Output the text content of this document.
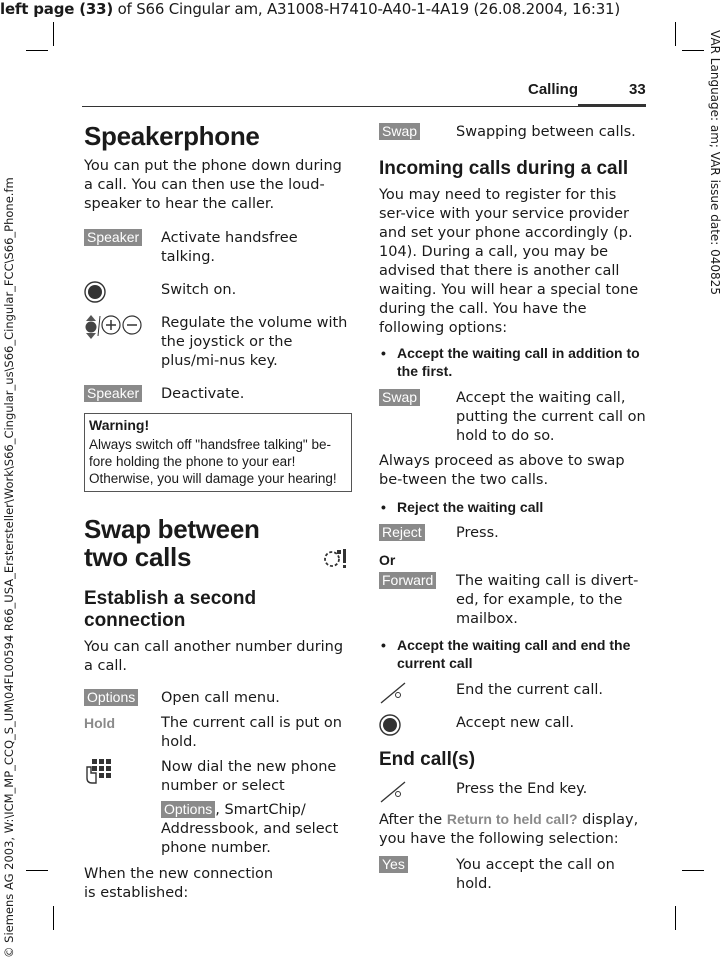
left page (33) of S66 Cingular am, A31008-H7410-A40-1-4A19 (26.08.2004, 16:31)
VAR Language: am; VAR issue date: 040825
© Siemens AG 2003, W:\ICM_MP_CCQ_S_UM\04FL00594 R66_USA_Erstersteller\Work\S66_Cingular_us\S66_Cingular_FCC\S66_Phone.fm
Calling	33
Speakerphone
You can put the phone down during a call. You can then use the loud-speaker to hear the caller.
Speaker Activate handsfree talking.
Switch on.
Regulate the volume with the joystick or the plus/mi-nus key.
Speaker Deactivate.
Warning!
Always switch off "handsfree talking" be-fore holding the phone to your ear! Otherwise, you will damage your hearing!
Swap between
two calls
Establish a second connection
You can call another number during a call.
Options Open call menu.
Hold	The current call is put on hold.
Now dial the new phone number or select
Options , SmartChip/ Addressbook, and select phone number.
When the new connection is established:
Swap	Swapping between calls.
Incoming calls during a call
You may need to register for this ser-vice with your service provider and set your phone accordingly (p. 104). During a call, you may be advised that there is another call waiting. You will hear a special tone during the call. You have the following options:
• Accept the waiting call in addition to the first.
Swap	Accept the waiting call, putting the current call on hold to do so.
Always proceed as above to swap be-tween the two calls.
• Reject the waiting call
Reject Press.
Or
Forward The waiting call is divert-ed, for example, to the mailbox.
• Accept the waiting call and end the current call
End the current call.
Accept new call.
End call(s)
Press the End key.
After the Return to held call? display, you have the following selection:
Yes	You accept the call on hold.
